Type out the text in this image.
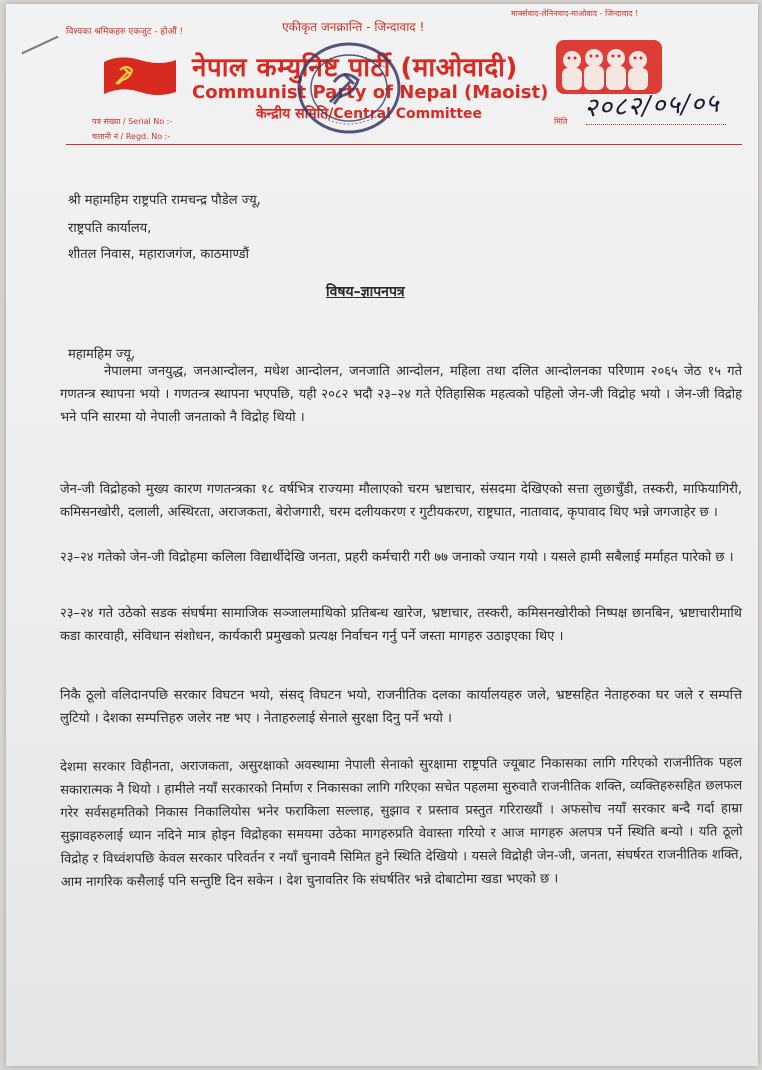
विश्वका श्रमिकहरु एकजुट - होऔं !	एकीकृत जनक्रान्ति - जिन्दावाद !
मार्क्सवाद-लेनिनवाद-माओवाद - जिन्दावाद !
नेपाल कम्युनिष्ट पार्टी (माओवादी)
Communist Party of Nepal (Maoist)
केन्द्रीय समिति/Central Committee
पत्र संख्या / Serial No :-
चलानी नं / Regd. No :-
मिति २०८२/०५/०५
श्री महामहिम राष्ट्रपति रामचन्द्र पौडेल ज्यू,
राष्ट्रपति कार्यालय,
शीतल निवास, महाराजगंज, काठमाण्डौं
विषय–ज्ञापनपत्र
महामहिम ज्यू,
नेपालमा जनयुद्ध, जनआन्दोलन, मधेश आन्दोलन, जनजाति आन्दोलन, महिला तथा दलित आन्दोलनका परिणाम २०६५ जेठ १५ गते गणतन्त्र स्थापना भयो । गणतन्त्र स्थापना भएपछि, यही २०८२ भदौ २३–२४ गते ऐतिहासिक महत्वको पहिलो जेन-जी विद्रोह भयो । जेन-जी विद्रोह भने पनि सारमा यो नेपाली जनताको नै विद्रोह थियो ।
जेन-जी विद्रोहको मुख्य कारण गणतन्त्रका १८ वर्षभित्र राज्यमा मौलाएको चरम भ्रष्टाचार, संसदमा देखिएको सत्ता लुछाचुँडी, तस्करी, माफियागिरी, कमिसनखोरी, दलाली, अस्थिरता, अराजकता, बेरोजगारी, चरम दलीयकरण र गुटीयकरण, राष्ट्रघात, नातावाद, कृपावाद थिए भन्ने जगजाहेर छ ।
२३–२४ गतेको जेन-जी विद्रोहमा कलिला विद्यार्थीदेखि जनता, प्रहरी कर्मचारी गरी ७७ जनाको ज्यान गयो । यसले हामी सबैलाई मर्माहत पारेको छ ।
२३–२४ गते उठेको सडक संघर्षमा सामाजिक सञ्जालमाथिको प्रतिबन्ध खारेज, भ्रष्टाचार, तस्करी, कमिसनखोरीको निष्पक्ष छानबिन, भ्रष्टाचारीमाथि कडा कारवाही, संविधान संशोधन, कार्यकारी प्रमुखको प्रत्यक्ष निर्वाचन गर्नु पर्ने जस्ता मागहरु उठाइएका थिए ।
निकै ठूलो वलिदानपछि सरकार विघटन भयो, संसद् विघटन भयो, राजनीतिक दलका कार्यालयहरु जले, भ्रष्टसहित नेताहरुका घर जले र सम्पत्ति लुटियो । देशका सम्पत्तिहरु जलेर नष्ट भए । नेताहरुलाई सेनाले सुरक्षा दिनु पर्ने भयो ।
देशमा सरकार विहीनता, अराजकता, असुरक्षाको अवस्थामा नेपाली सेनाको सुरक्षामा राष्ट्रपति ज्यूबाट निकासका लागि गरिएको राजनीतिक पहल सकारात्मक नै थियो । हामीले नयाँ सरकारको निर्माण र निकासका लागि गरिएका सचेत पहलमा सुरुवातै राजनीतिक शक्ति, व्यक्तिहरुसहित छलफल गरेर सर्वसहमतिको निकास निकालियोस भनेर फराकिला सल्लाह, सुझाव र प्रस्ताव प्रस्तुत गरिराख्यौं । अफसोच नयाँ सरकार बन्दै गर्दा हाम्रा सुझावहरुलाई ध्यान नदिने मात्र होइन विद्रोहका समयमा उठेका मागहरुप्रति वेवास्ता गरियो र आज मागहरु अलपत्र पर्ने स्थिति बन्यो । यति ठूलो विद्रोह र विध्वंशपछि केवल सरकार परिवर्तन र नयाँ चुनावमै सिमित हुने स्थिति देखियो । यसले विद्रोही जेन-जी, जनता, संघर्षरत राजनीतिक शक्ति, आम नागरिक कसैलाई पनि सन्तुष्टि दिन सकेन । देश चुनावतिर कि संघर्षतिर भन्ने दोबाटोमा खडा भएको छ ।
